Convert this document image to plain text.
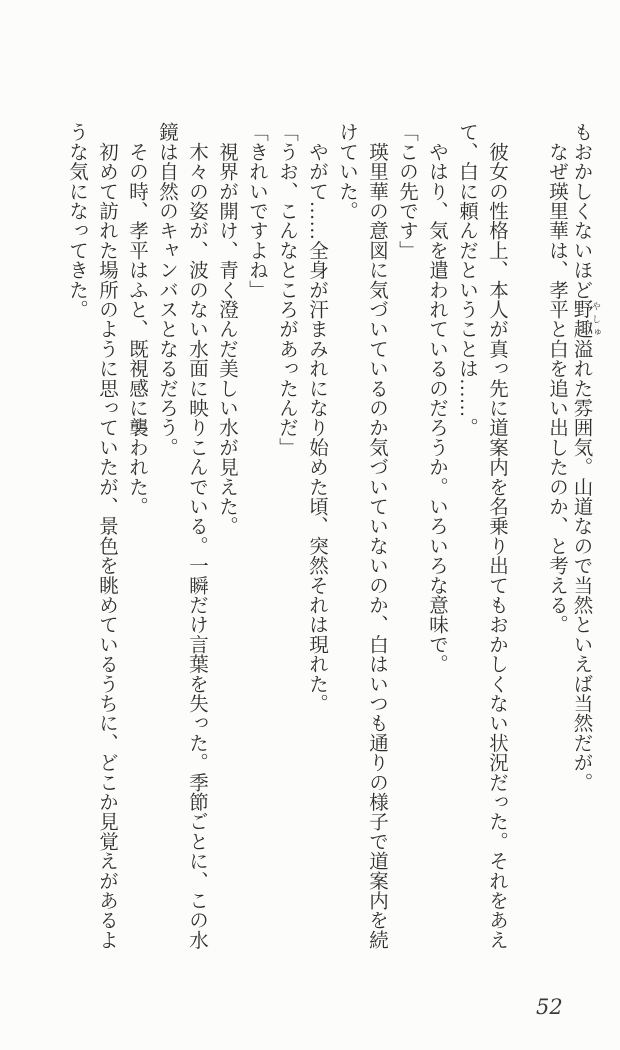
もおかしくないほど野趣 やしゅ溢れた雰囲気。山道なので当然といえば当然だが。
　なぜ瑛里華は、孝平と白を追い出したのか、と考える。
　彼女の性格上、本人が真っ先に道案内を名乗り出てもおかしくない状況だった。それをあえ
て、白に頼んだということは……。
　やはり、気を遣われているのだろうか。いろいろな意味で。
「この先です」
　瑛里華の意図に気づいているのか気づいていないのか、白はいつも通りの様子で道案内を続
けていた。
　やがて……全身が汗まみれになり始めた頃、突然それは現れた。
「うお、こんなところがあったんだ」
「きれいですよね」
　視界が開け、青く澄んだ美しい水が見えた。
　木々の姿が、波のない水面に映りこんでいる。一瞬だけ言葉を失った。季節ごとに、この水
鏡は自然のキャンバスとなるだろう。
　その時、孝平はふと、既視感に襲われた。
　初めて訪れた場所のように思っていたが、景色を眺めているうちに、どこか見覚えがあるよ
うな気になってきた。
52
